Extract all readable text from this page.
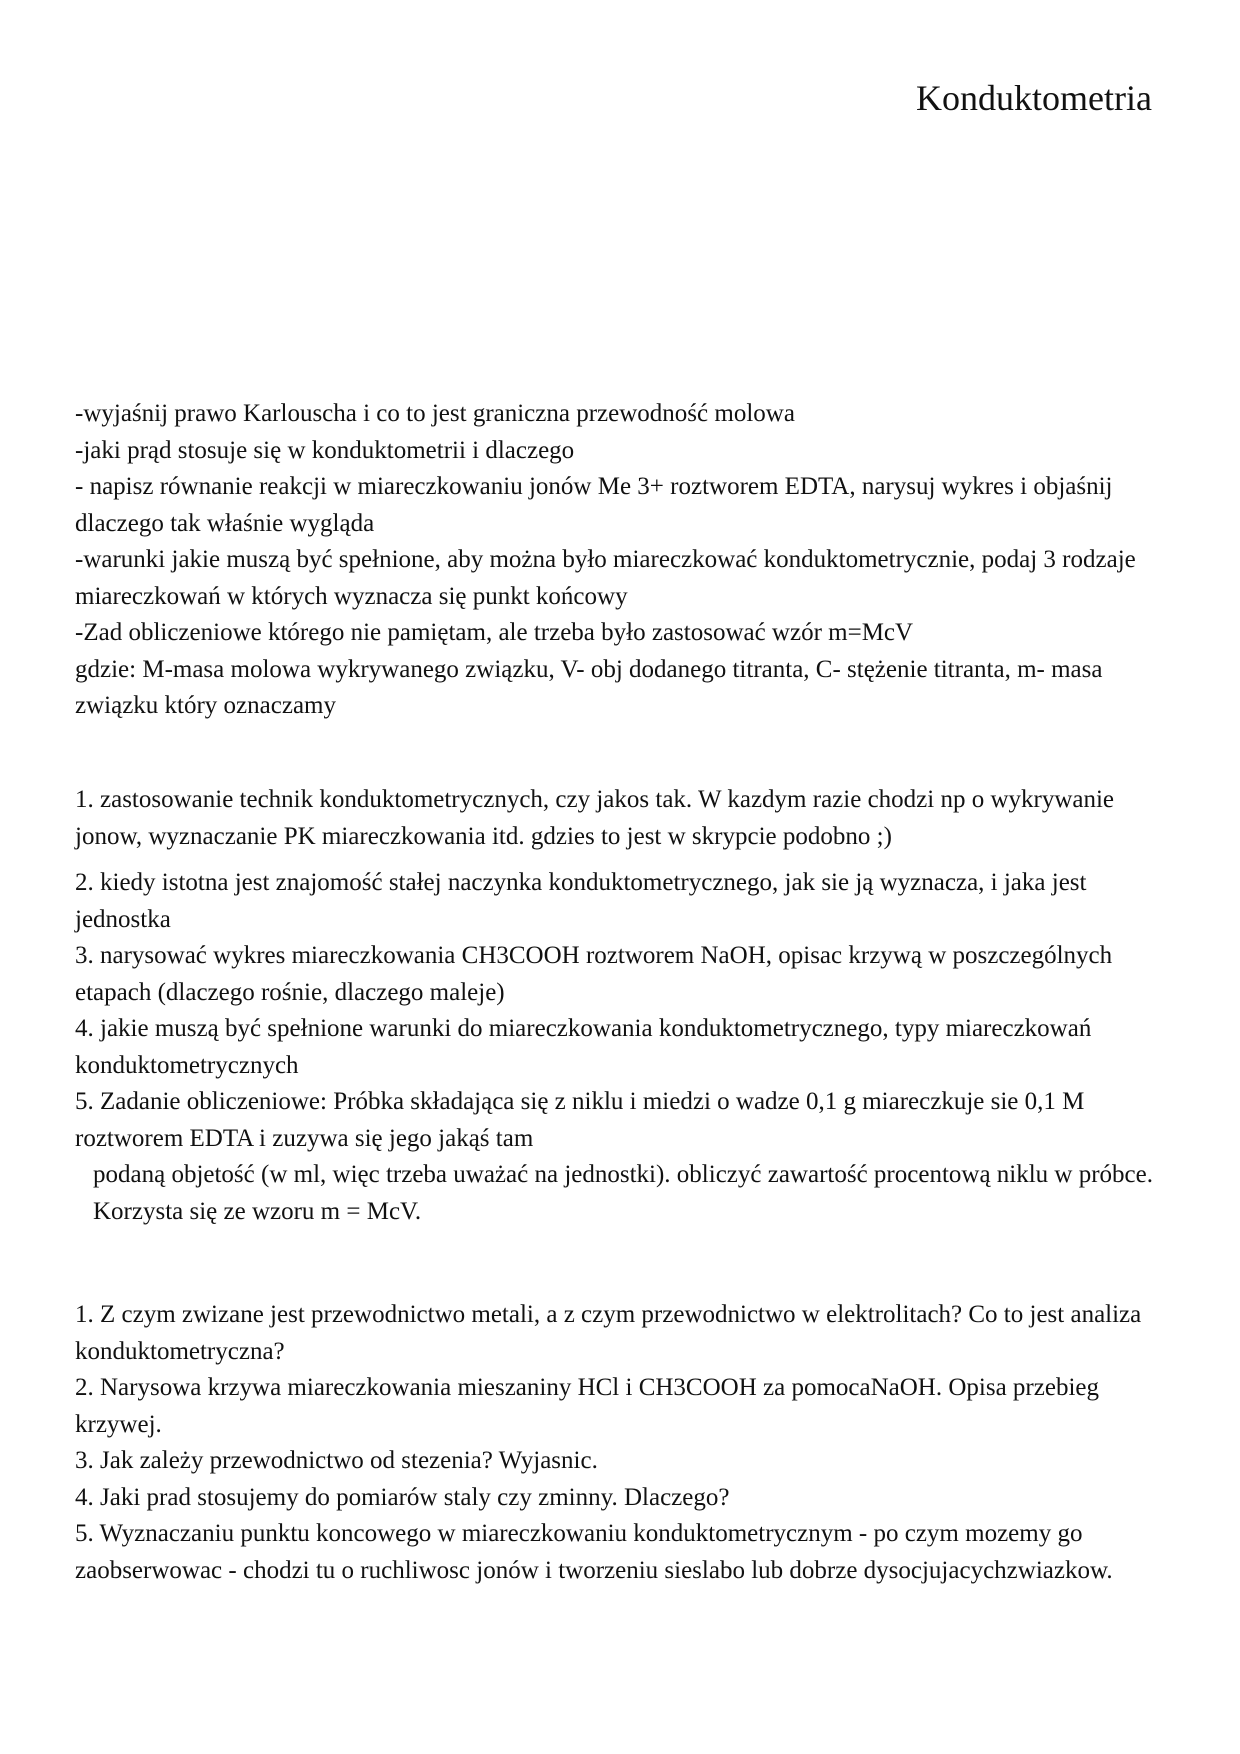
Konduktometria

-wyjaśnij prawo Karlouscha i co to jest graniczna przewodność molowa

-jaki prąd stosuje się w konduktometrii i dlaczego

- napisz równanie reakcji w miareczkowaniu jonów Me 3+ roztworem EDTA, narysuj wykres i objaśnij dlaczego tak właśnie wygląda

-warunki jakie muszą być spełnione, aby można było miareczkować konduktometrycznie, podaj 3 rodzaje miareczkowań w których wyznacza się punkt końcowy

-Zad obliczeniowe którego nie pamiętam, ale trzeba było zastosować wzór m=McV

gdzie: M-masa molowa wykrywanego związku, V- obj dodanego titranta, C- stężenie titranta, m- masa związku który oznaczamy

1. zastosowanie technik konduktometrycznych, czy jakos tak. W kazdym razie chodzi np o wykrywanie jonow, wyznaczanie PK miareczkowania itd. gdzies to jest w skrypcie podobno ;)

2. kiedy istotna jest znajomość stałej naczynka konduktometrycznego, jak sie ją wyznacza, i jaka jest jednostka

3. narysować wykres miareczkowania CH3COOH roztworem NaOH, opisac krzywą w poszczególnych etapach (dlaczego rośnie, dlaczego maleje)

4. jakie muszą być spełnione warunki do miareczkowania konduktometrycznego, typy miareczkowań konduktometrycznych

5. Zadanie obliczeniowe: Próbka składająca się z niklu i miedzi o wadze 0,1 g miareczkuje sie 0,1 M roztworem EDTA i zuzywa się jego jakąś tam

podaną objetość (w ml, więc trzeba uważać na jednostki). obliczyć zawartość procentową niklu w próbce. Korzysta się ze wzoru m = McV.

1. Z czym zwizane jest przewodnictwo metali, a z czym przewodnictwo w elektrolitach? Co to jest analiza konduktometryczna?

2. Narysowa krzywa miareczkowania mieszaniny HCl i CH3COOH za pomocaNaOH. Opisa przebieg krzywej.

3. Jak zależy przewodnictwo od stezenia? Wyjasnic.

4. Jaki prad stosujemy do pomiarów staly czy zminny. Dlaczego?

5. Wyznaczaniu punktu koncowego w miareczkowaniu konduktometrycznym - po czym mozemy go zaobserwowac - chodzi tu o ruchliwosc jonów i tworzeniu sieslabo lub dobrze dysocjujacychzwiazkow.
